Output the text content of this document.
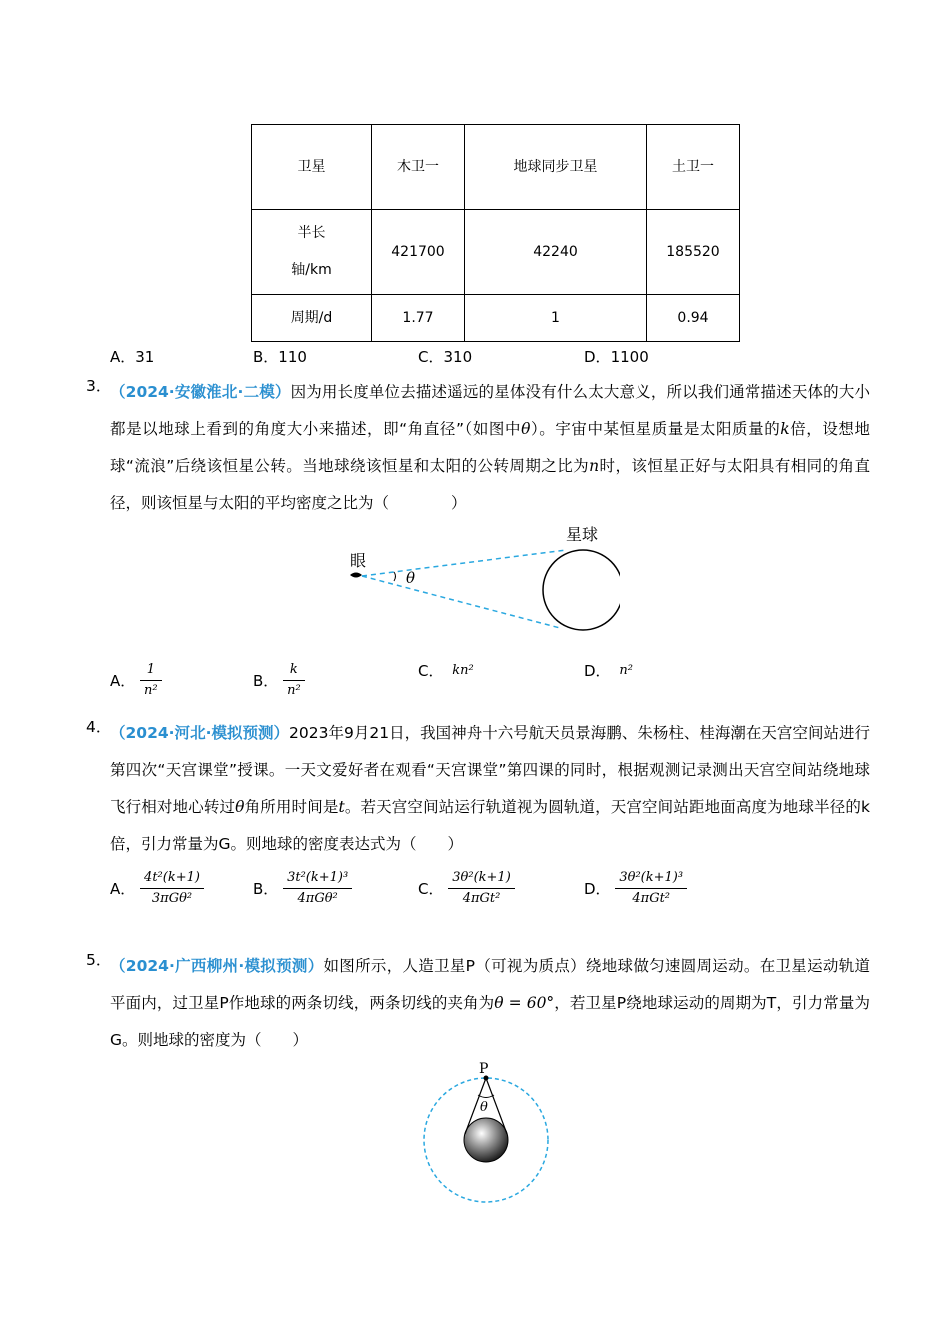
卫星	木卫一	地球同步卫星	土卫一
半长轴/km	421700	42240	185520
周期/d	1.77	1	0.94
A．31	B．110	C．310	D．1100
3．
（2024·安徽淮北·二模）因为用长度单位去描述遥远的星体没有什么太大意义，所以我们通常描述天体的大小都是以地球上看到的角度大小来描述，即“角直径”（如图中θ）。宇宙中某恒星质量是太阳质量的k倍，设想地球“流浪”后绕该恒星公转。当地球绕该恒星和太阳的公转周期之比为n时，该恒星正好与太阳具有相同的角直径，则该恒星与太阳的平均密度之比为（　　　　）
眼
θ
星球
A． $\frac{1}{\text{n²}}$	B． $\frac{k}{\text{n²}}$	C． kn²	D． n²
4．
（2024·河北·模拟预测）2023年9月21日，我国神舟十六号航天员景海鹏、朱杨柱、桂海潮在天宫空间站进行第四次“天宫课堂”授课。一天文爱好者在观看“天宫课堂”第四课的同时，根据观测记录测出天宫空间站绕地球飞行相对地心转过θ角所用时间是t。若天宫空间站运行轨道视为圆轨道，天宫空间站距地面高度为地球半径的k倍，引力常量为G。则地球的密度表达式为（　　）
A． $\frac{\text{4t²(k+1)}}{\text{3πGθ²}}$	B． $\frac{\text{3t²(k+1)³}}{\text{4πGθ²}}$	C． $\frac{\text{3θ²(k+1)}}{\text{4πGt²}}$	D． $\frac{\text{3θ²(k+1)³}}{\text{4πGt²}}$
5．
（2024·广西柳州·模拟预测）如图所示，人造卫星P（可视为质点）绕地球做匀速圆周运动。在卫星运动轨道平面内，过卫星P作地球的两条切线，两条切线的夹角为θ = 60°，若卫星P绕地球运动的周期为T，引力常量为G。则地球的密度为（　　）
P
θ
